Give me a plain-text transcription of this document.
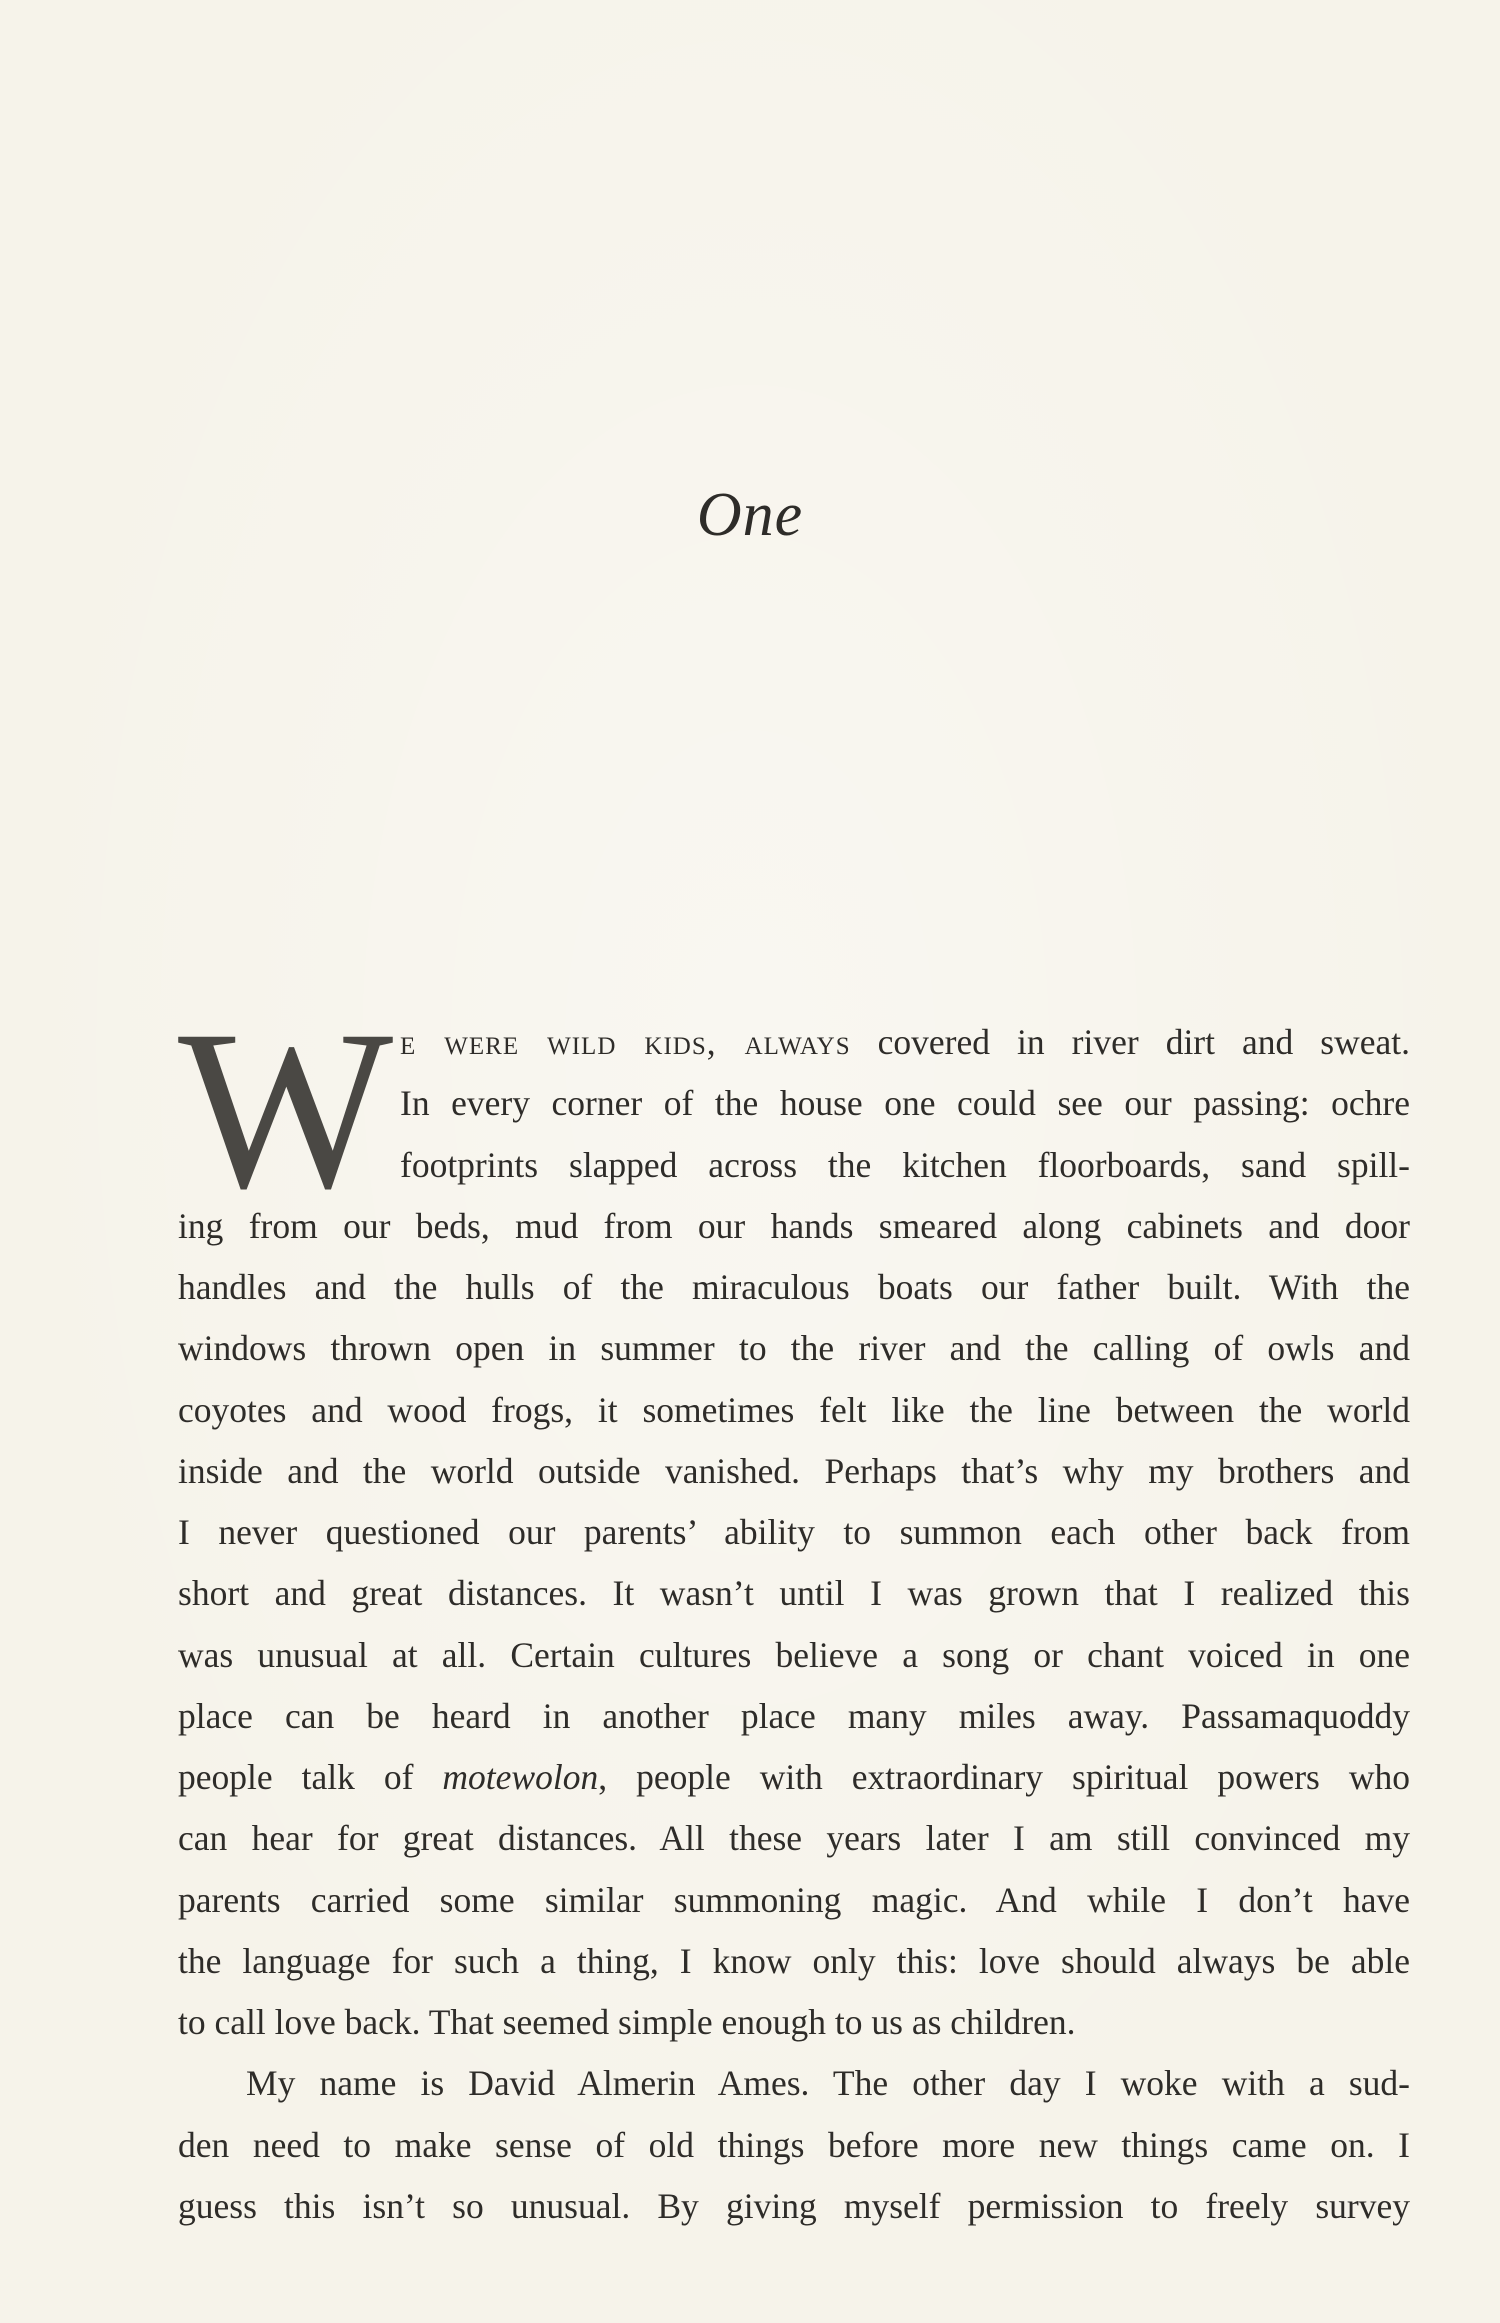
One
W e were wild kids, always covered in river dirt and sweat.
In every corner of the house one could see our passing: ochre
footprints slapped across the kitchen floorboards, sand spill-
ing from our beds, mud from our hands smeared along cabinets and door
handles and the hulls of the miraculous boats our father built. With the
windows thrown open in summer to the river and the calling of owls and
coyotes and wood frogs, it sometimes felt like the line between the world
inside and the world outside vanished. Perhaps that’s why my brothers and
I never questioned our parents’ ability to summon each other back from
short and great distances. It wasn’t until I was grown that I realized this
was unusual at all. Certain cultures believe a song or chant voiced in one
place can be heard in another place many miles away. Passamaquoddy
people talk of motewolon, people with extraordinary spiritual powers who
can hear for great distances. All these years later I am still convinced my
parents carried some similar summoning magic. And while I don’t have
the language for such a thing, I know only this: love should always be able
to call love back. That seemed simple enough to us as children.
My name is David Almerin Ames. The other day I woke with a sud-
den need to make sense of old things before more new things came on. I
guess this isn’t so unusual. By giving myself permission to freely survey
